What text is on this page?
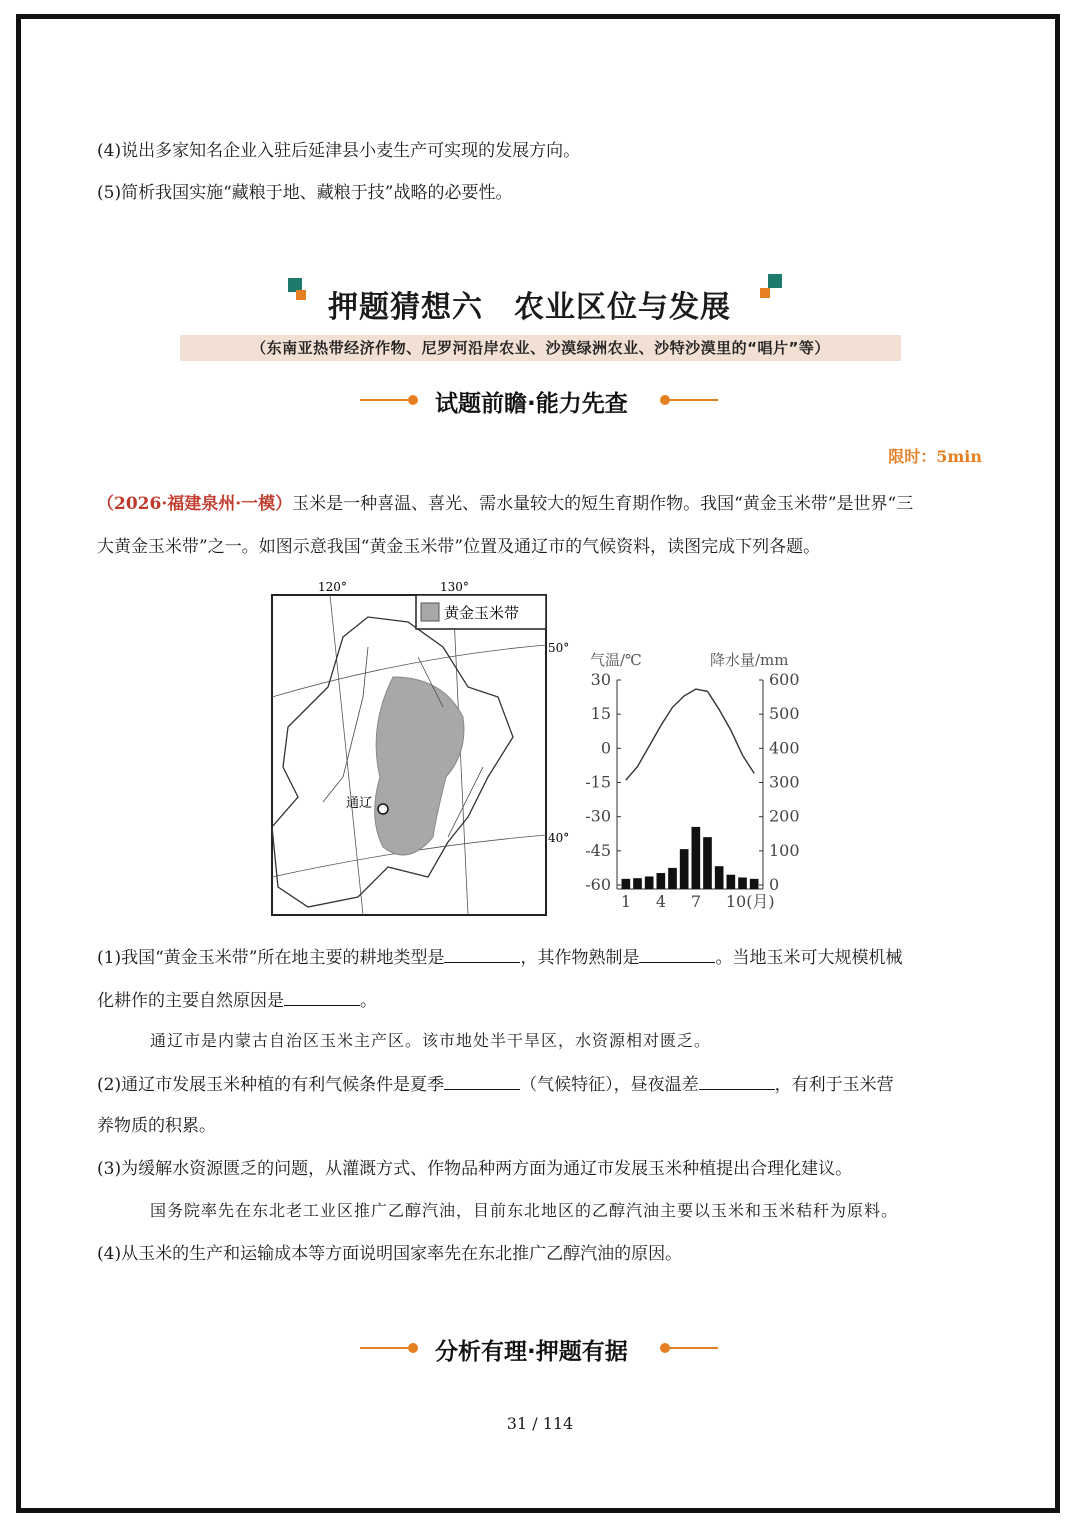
(4)说出多家知名企业入驻后延津县小麦生产可实现的发展方向。
(5)简析我国实施“藏粮于地、藏粮于技”战略的必要性。
押题猜想六　农业区位与发展
（东南亚热带经济作物、尼罗河沿岸农业、沙漠绿洲农业、沙特沙漠里的“唱片”等）
试题前瞻·能力先查
限时：5min
（2026·福建泉州·一模）玉米是一种喜温、喜光、需水量较大的短生育期作物。我国“黄金玉米带”是世界“三
大黄金玉米带”之一。如图示意我国“黄金玉米带”位置及通辽市的气候资料，读图完成下列各题。
120°	130°
50°
40°
通辽
黄金玉米带
气温/℃	降水量/mm
30
15
0
-15
-30
-45
-60
600
500
400
300
200
100
0
1 4 7 10(月)
(1)我国“黄金玉米带”所在地主要的耕地类型是	，其作物熟制是	。当地玉米可大规模机械
化耕作的主要自然原因是	。
通辽市是内蒙古自治区玉米主产区。该市地处半干旱区，水资源相对匮乏。
(2)通辽市发展玉米种植的有利气候条件是夏季	（气候特征），昼夜温差	，有利于玉米营
养物质的积累。
(3)为缓解水资源匮乏的问题，从灌溉方式、作物品种两方面为通辽市发展玉米种植提出合理化建议。
国务院率先在东北老工业区推广乙醇汽油，目前东北地区的乙醇汽油主要以玉米和玉米秸秆为原料。
(4)从玉米的生产和运输成本等方面说明国家率先在东北推广乙醇汽油的原因。
分析有理·押题有据
31 / 114
